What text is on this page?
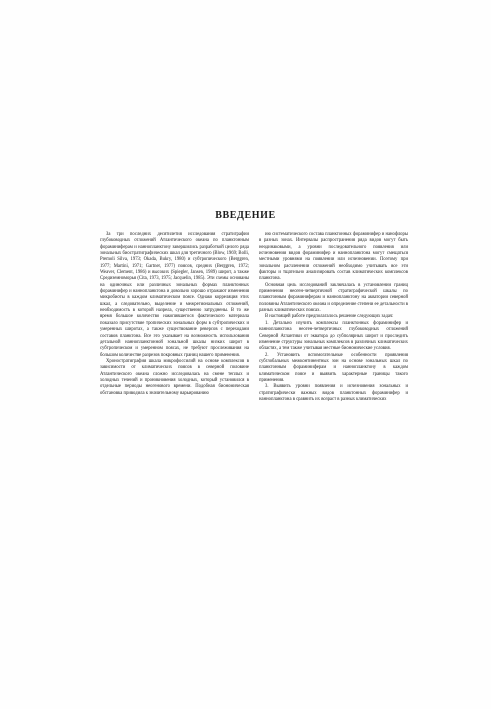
ВВЕДЕНИЕ

За три последних десятилетия исследования стратиграфии глубоководных отложений Атлантического океана по планктонным фораминиферам и наннопланктону завершились разработкой целого ряда зональных биостратиграфических шкал для третичного (Blow, 1969; Bolli, Premoli Silva, 1973; Okada, Bukry, 1980) и субтропического (Berggren, 1977; Martini, 1971; Gartner, 1977) поясов, средних (Berggren, 1972; Weaver, Clement, 1986) и высоких (Spiegler, Jansen, 1989) широт, а также Средиземноморья (Cita, 1973, 1975; Jacquelin, 1985). Эти схемы основаны на одиночных или различных зональных формах планктонных фораминифер и наннопланктона и довольно хорошо отражают изменения микробиоты в каждом климатическом поясе. Однако корреляция этих шкал, а следовательно, выделение и межрегиональных отложений, необходимость в которой назрела, существенно затруднены. В то же время большое количество накопившегося фактического материала показало присутствие тропических зональных форм в субтропических и умеренных широтах, а также существование реверсов с переходами составов планктона. Все это указывает на возможность использования детальной наннопланктонной зональной шкалы низких широт в субтропическом и умеренном поясах, не требуют прослеживания на большом количестве разрезов покровных границ нашего применения.

Хроностратиграфия шкала микрофоссилий на основе комплексов в зависимости от климатических поясов в северной половине Атлантического океана сложно исследовалась на смене теплых и холодных течений и проникновения холодных, который установился в отдельные периоды неогенового времени. Подобная биономическая обстановка приводила к значительному варьированию

ию систематического состава планктонных фораминифер и нанофлоры в разных зонах. Интервалы распространения ряда видов могут быть неодинаковыми, а уровни последовательного появления или исчезновения видов фораминифер и наннопланктона могут смещаться местными уровнями на появлении или исчезновении. Поэтому при зональном расчленении отложений необходимо учитывать все эти факторы и тщательно анализировать состав климатических комплексов планктона.

Основная цель исследований заключалась в установлении границ применения неоген-четвертичной стратиграфической шкалы по планктонным фораминиферам и наннопланктону на акватории северной половины Атлантического океана и определение степени ее детальности в разных климатических поясах.

В настоящей работе предполагалось решение следующих задач:

1. Детально изучить комплексы планктонных фораминифер и наннопланктона неоген-четвертичных глубоководных отложений Северной Атлантики от экватора до субполярных широт и проследить изменение структуры зональных комплексов в различных климатических областях, а тем также учитывая местные биономические условия.

2. Установить вспомогательные особенности проявления субглобальных межконтинентных зон на основе зональных шкал по планктонным фораминиферам и наннопланктону в каждом климатическом поясе и выявить характерные границы такого применения.

3. Выявить уровни появления и исчезновения зональных и стратиграфически важных видов планктонных фораминифер и наннопланктона в сравнить их возраст в разных климатических
